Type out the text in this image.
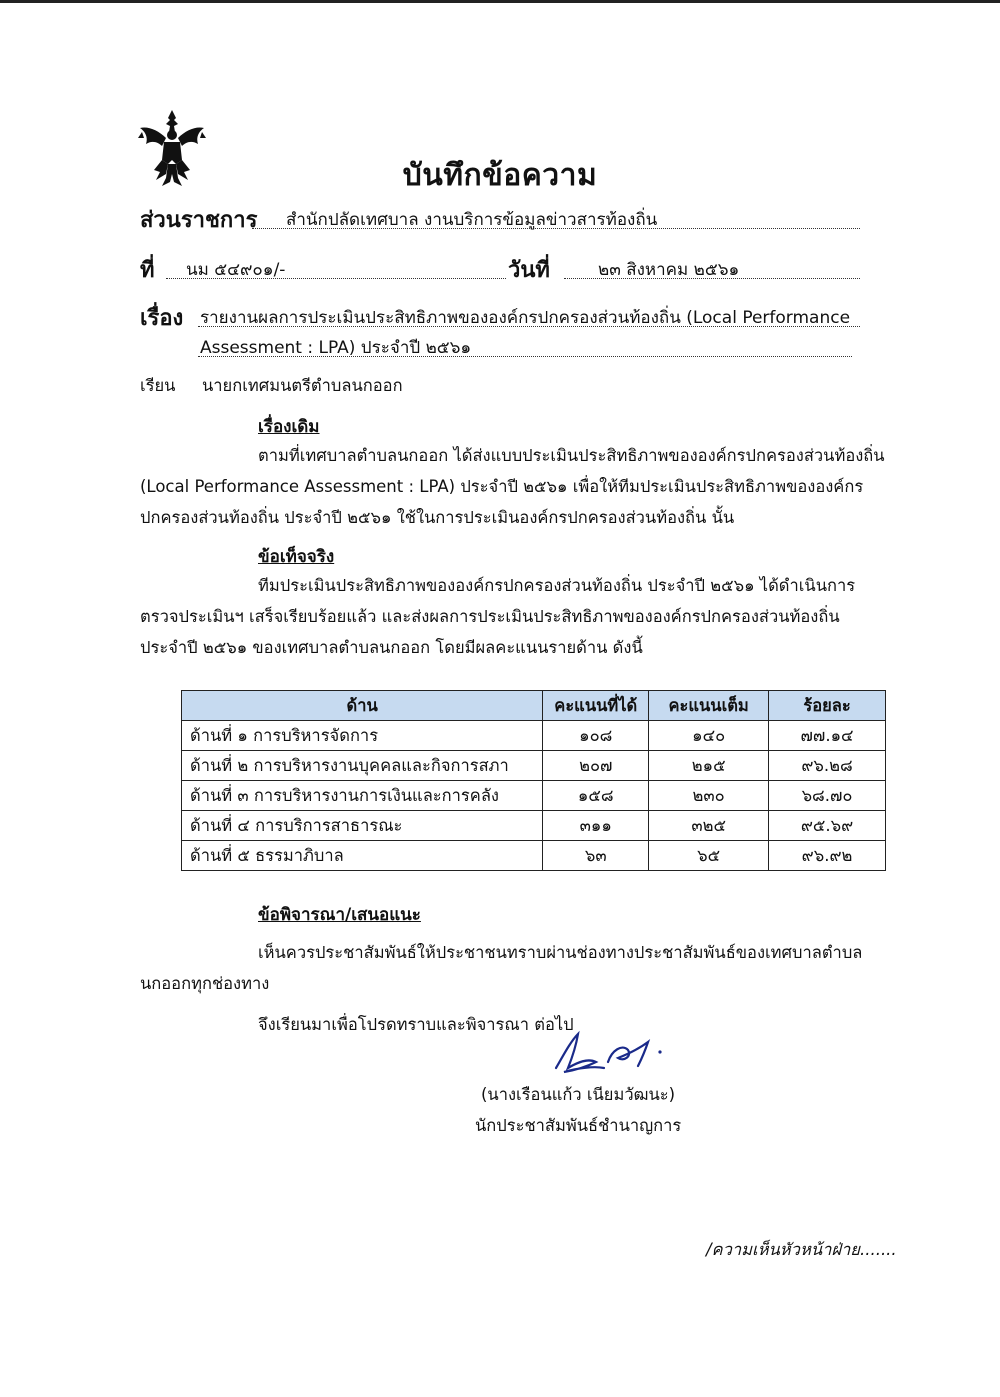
บันทึกข้อความ
ส่วนราชการ สำนักปลัดเทศบาล งานบริการข้อมูลข่าวสารท้องถิ่น
ที่ นม ๕๔๙๐๑/-	วันที่	๒๓ สิงหาคม ๒๕๖๑
เรื่อง รายงานผลการประเมินประสิทธิภาพขององค์กรปกครองส่วนท้องถิ่น (Local Performance
Assessment : LPA) ประจำปี ๒๕๖๑
เรียน นายกเทศมนตรีตำบลนกออก
เรื่องเดิม
ตามที่เทศบาลตำบลนกออก ได้ส่งแบบประเมินประสิทธิภาพขององค์กรปกครองส่วนท้องถิ่น
(Local Performance Assessment : LPA) ประจำปี ๒๕๖๑ เพื่อให้ทีมประเมินประสิทธิภาพขององค์กร
ปกครองส่วนท้องถิ่น ประจำปี ๒๕๖๑ ใช้ในการประเมินองค์กรปกครองส่วนท้องถิ่น นั้น
ข้อเท็จจริง
ทีมประเมินประสิทธิภาพขององค์กรปกครองส่วนท้องถิ่น ประจำปี ๒๕๖๑ ได้ดำเนินการ
ตรวจประเมินฯ เสร็จเรียบร้อยแล้ว และส่งผลการประเมินประสิทธิภาพขององค์กรปกครองส่วนท้องถิ่น
ประจำปี ๒๕๖๑ ของเทศบาลตำบลนกออก โดยมีผลคะแนนรายด้าน ดังนี้
ด้าน	คะแนนที่ได้	คะแนนเต็ม	ร้อยละ
ด้านที่ ๑ การบริหารจัดการ	๑๐๘	๑๔๐	๗๗.๑๔
ด้านที่ ๒ การบริหารงานบุคคลและกิจการสภา	๒๐๗	๒๑๕	๙๖.๒๘
ด้านที่ ๓ การบริหารงานการเงินและการคลัง	๑๕๘	๒๓๐	๖๘.๗๐
ด้านที่ ๔ การบริการสาธารณะ	๓๑๑	๓๒๕	๙๕.๖๙
ด้านที่ ๕ ธรรมาภิบาล	๖๓	๖๕	๙๖.๙๒
ข้อพิจารณา/เสนอแนะ
เห็นควรประชาสัมพันธ์ให้ประชาชนทราบผ่านช่องทางประชาสัมพันธ์ของเทศบาลตำบล
นกออกทุกช่องทาง
จึงเรียนมาเพื่อโปรดทราบและพิจารณา ต่อไป
(นางเรือนแก้ว เนียมวัฒนะ)
นักประชาสัมพันธ์ชำนาญการ
/ความเห็นหัวหน้าฝ่าย.......
